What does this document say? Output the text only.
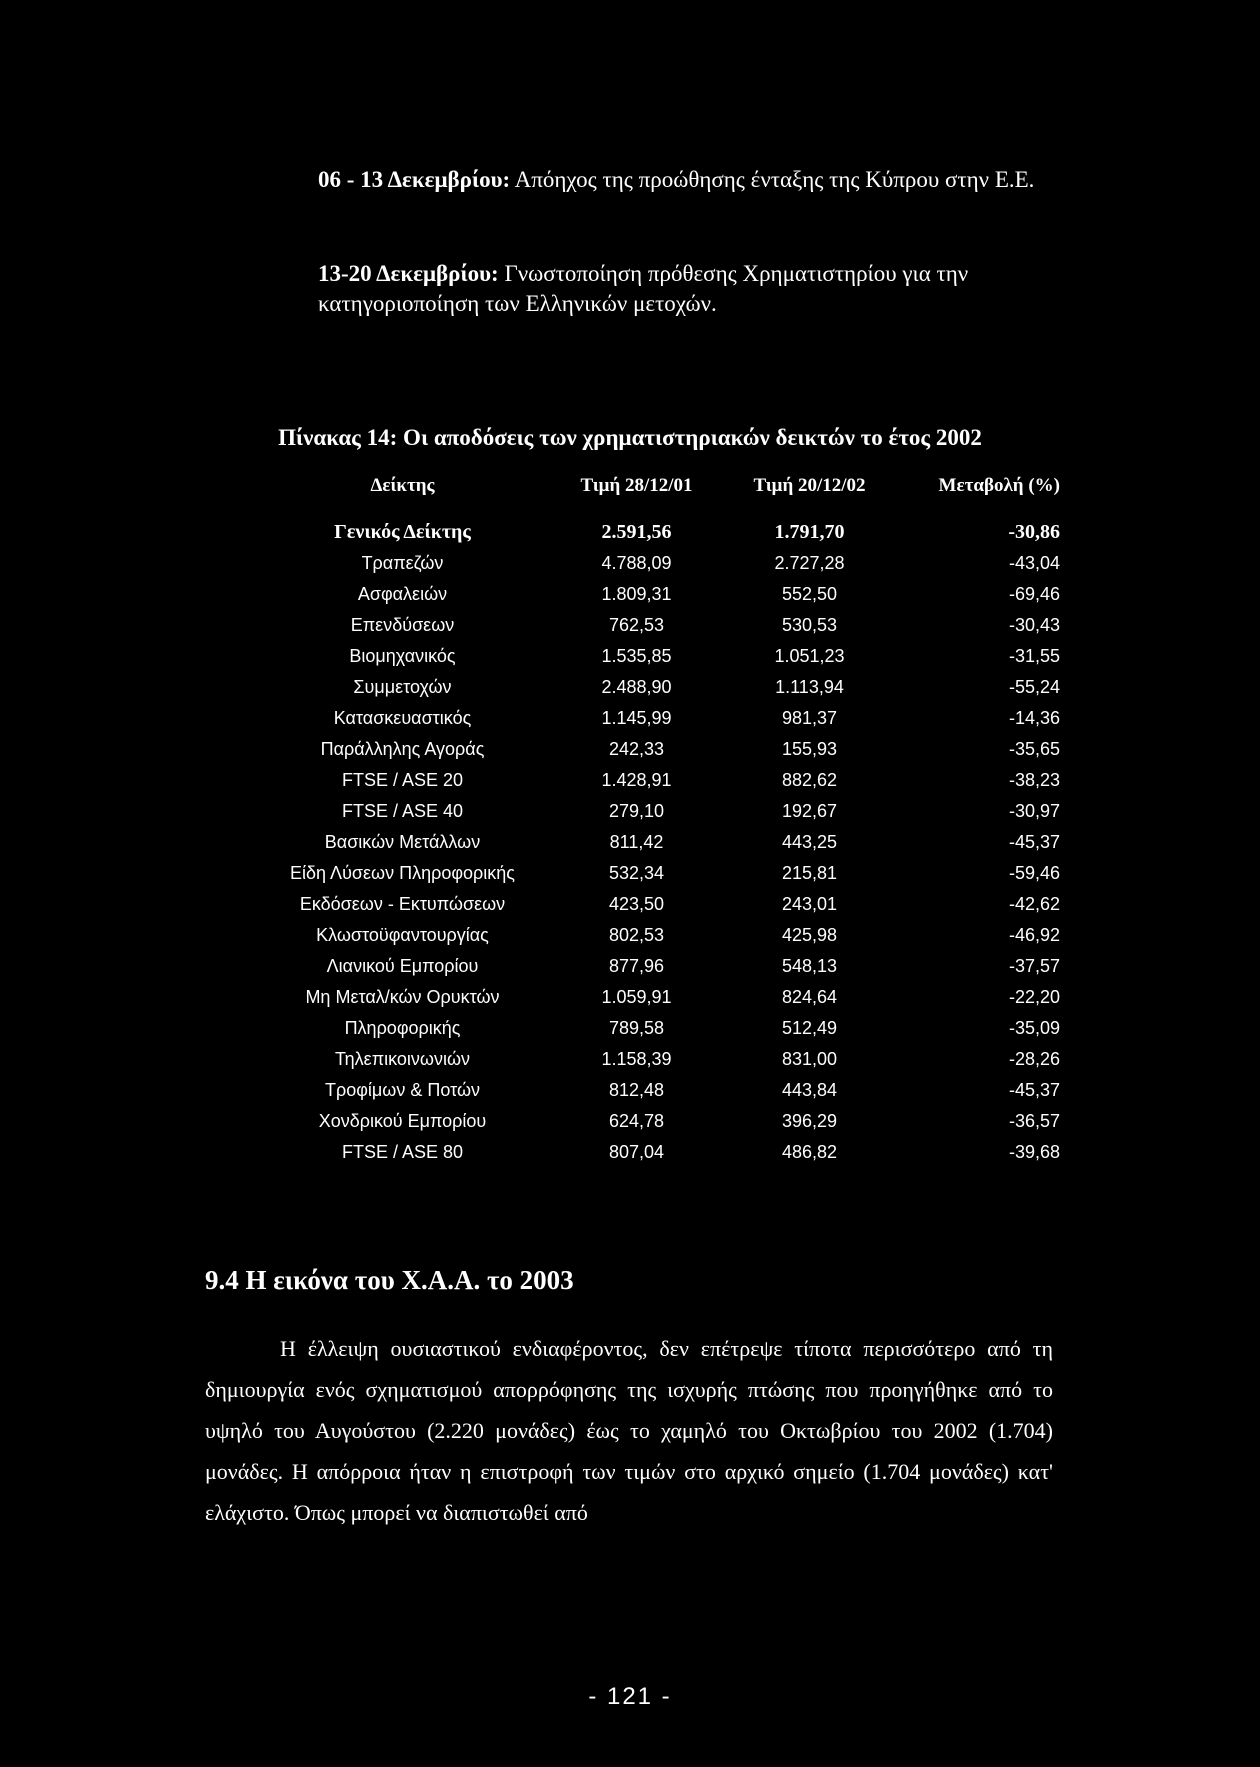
06 - 13 Δεκεμβρίου: Απόηχος της προώθησης ένταξης της Κύπρου στην Ε.Ε.
13-20 Δεκεμβρίου: Γνωστοποίηση πρόθεσης Χρηματιστηρίου για την κατηγοριοποίηση των Ελληνικών μετοχών.
Πίνακας 14: Οι αποδόσεις των χρηματιστηριακών δεικτών το έτος 2002
Δείκτης	Τιμή 28/12/01	Τιμή 20/12/02	Μεταβολή (%)
Γενικός Δείκτης	2.591,56	1.791,70	-30,86
Τραπεζών	4.788,09	2.727,28	-43,04
Ασφαλειών	1.809,31	552,50	-69,46
Επενδύσεων	762,53	530,53	-30,43
Βιομηχανικός	1.535,85	1.051,23	-31,55
Συμμετοχών	2.488,90	1.113,94	-55,24
Κατασκευαστικός	1.145,99	981,37	-14,36
Παράλληλης Αγοράς	242,33	155,93	-35,65
FTSE / ASE 20	1.428,91	882,62	-38,23
FTSE / ASE 40	279,10	192,67	-30,97
Βασικών Μετάλλων	811,42	443,25	-45,37
Είδη Λύσεων Πληροφορικής	532,34	215,81	-59,46
Εκδόσεων - Εκτυπώσεων	423,50	243,01	-42,62
Κλωστοϋφαντουργίας	802,53	425,98	-46,92
Λιανικού Εμπορίου	877,96	548,13	-37,57
Μη Μεταλ/κών Ορυκτών	1.059,91	824,64	-22,20
Πληροφορικής	789,58	512,49	-35,09
Τηλεπικοινωνιών	1.158,39	831,00	-28,26
Τροφίμων & Ποτών	812,48	443,84	-45,37
Χονδρικού Εμπορίου	624,78	396,29	-36,57
FTSE / ASE 80	807,04	486,82	-39,68
9.4 Η εικόνα του Χ.Α.Α. το 2003
Η έλλειψη ουσιαστικού ενδιαφέροντος, δεν επέτρεψε τίποτα περισσότερο από τη δημιουργία ενός σχηματισμού απορρόφησης της ισχυρής πτώσης που προηγήθηκε από το υψηλό του Αυγούστου (2.220 μονάδες) έως το χαμηλό του Οκτωβρίου του 2002 (1.704) μονάδες. Η απόρροια ήταν η επιστροφή των τιμών στο αρχικό σημείο (1.704 μονάδες) κατ' ελάχιστο. Όπως μπορεί να διαπιστωθεί από
- 121 -
